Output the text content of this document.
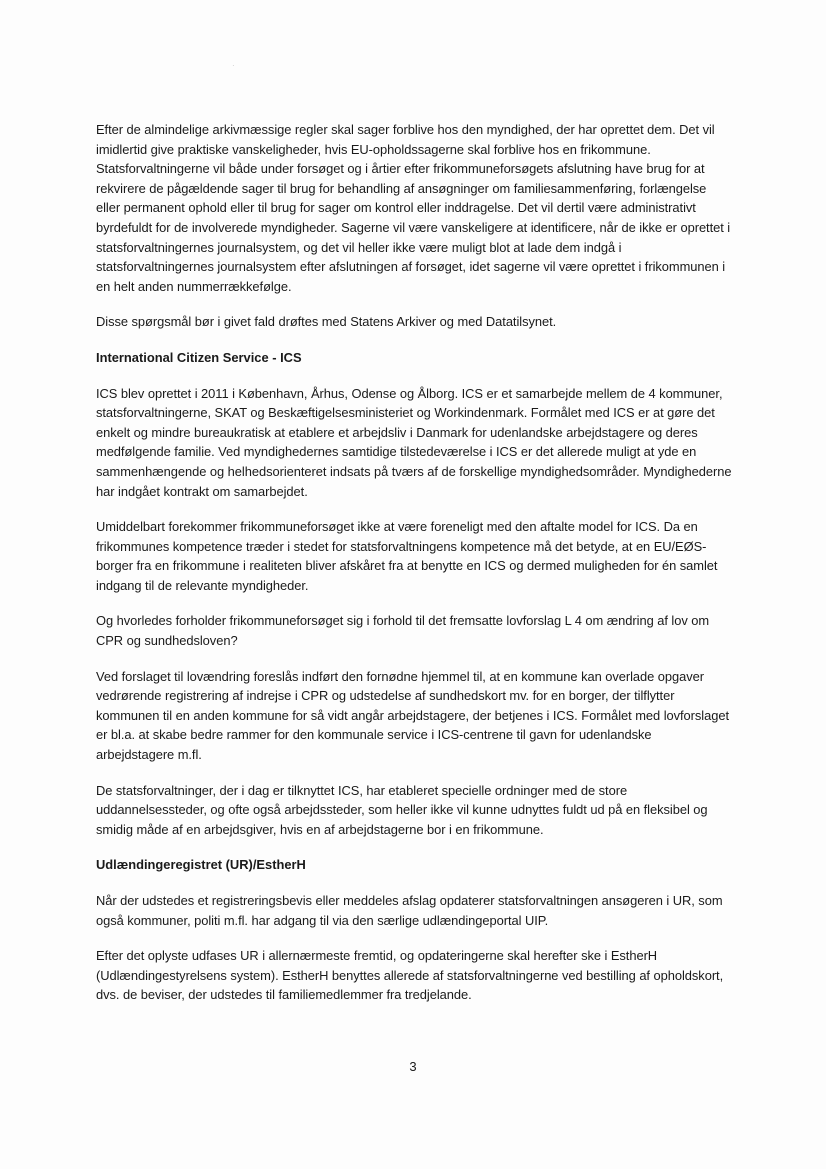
·

Efter de almindelige arkivmæssige regler skal sager forblive hos den myndighed, der har oprettet dem. Det vil imidlertid give praktiske vanskeligheder, hvis EU-opholdssagerne skal forblive hos en frikommune. Statsforvaltningerne vil både under forsøget og i årtier efter frikommuneforsøgets afslutning have brug for at rekvirere de pågældende sager til brug for behandling af ansøgninger om familiesammenføring, forlængelse eller permanent ophold eller til brug for sager om kontrol eller inddragelse. Det vil dertil være administrativt byrdefuldt for de involverede myndigheder. Sagerne vil være vanskeligere at identificere, når de ikke er oprettet i statsforvaltningernes journalsystem, og det vil heller ikke være muligt blot at lade dem indgå i statsforvaltningernes journalsystem efter afslutningen af forsøget, idet sagerne vil være oprettet i frikommunen i en helt anden nummerrækkefølge.

Disse spørgsmål bør i givet fald drøftes med Statens Arkiver og med Datatilsynet.

International Citizen Service - ICS

ICS blev oprettet i 2011 i København, Århus, Odense og Ålborg. ICS er et samarbejde mellem de 4 kommuner, statsforvaltningerne, SKAT og Beskæftigelsesministeriet og Workindenmark. Formålet med ICS er at gøre det enkelt og mindre bureaukratisk at etablere et arbejdsliv i Danmark for udenlandske arbejdstagere og deres medfølgende familie. Ved myndighedernes samtidige tilstedeværelse i ICS er det allerede muligt at yde en sammenhængende og helhedsorienteret indsats på tværs af de forskellige myndighedsområder. Myndighederne har indgået kontrakt om samarbejdet.

Umiddelbart forekommer frikommuneforsøget ikke at være foreneligt med den aftalte model for ICS. Da en frikommunes kompetence træder i stedet for statsforvaltningens kompetence må det betyde, at en EU/EØS-borger fra en frikommune i realiteten bliver afskåret fra at benytte en ICS og dermed muligheden for én samlet indgang til de relevante myndigheder.

Og hvorledes forholder frikommuneforsøget sig i forhold til det fremsatte lovforslag L 4 om ændring af lov om CPR og sundhedsloven?

Ved forslaget til lovændring foreslås indført den fornødne hjemmel til, at en kommune kan overlade opgaver vedrørende registrering af indrejse i CPR og udstedelse af sundhedskort mv. for en borger, der tilflytter kommunen til en anden kommune for så vidt angår arbejdstagere, der betjenes i ICS. Formålet med lovforslaget er bl.a. at skabe bedre rammer for den kommunale service i ICS-centrene til gavn for udenlandske arbejdstagere m.fl.

De statsforvaltninger, der i dag er tilknyttet ICS, har etableret specielle ordninger med de store uddannelsessteder, og ofte også arbejdssteder, som heller ikke vil kunne udnyttes fuldt ud på en fleksibel og smidig måde af en arbejdsgiver, hvis en af arbejdstagerne bor i en frikommune.

Udlændingeregistret (UR)/EstherH

Når der udstedes et registreringsbevis eller meddeles afslag opdaterer statsforvaltningen ansøgeren i UR, som også kommuner, politi m.fl. har adgang til via den særlige udlændingeportal UIP.

Efter det oplyste udfases UR i allernærmeste fremtid, og opdateringerne skal herefter ske i EstherH (Udlændingestyrelsens system). EstherH benyttes allerede af statsforvaltningerne ved bestilling af opholdskort, dvs. de beviser, der udstedes til familiemedlemmer fra tredjelande.

3
